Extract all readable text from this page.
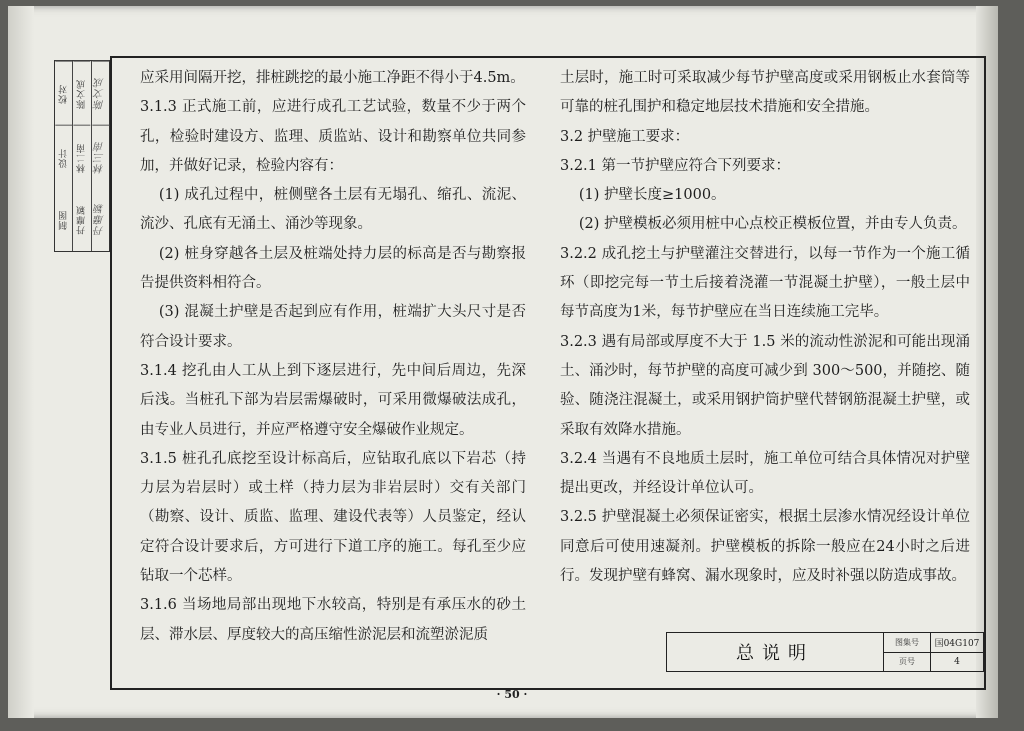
校对
设计
制图
陈文成
林二南
丹靡颖
陈文成
林三南
丹靡颖

应采用间隔开挖，排桩跳挖的最小施工净距不得小于4.5m。

3.1.3 正式施工前，应进行成孔工艺试验，数量不少于两个孔，检验时建设方、监理、质监站、设计和勘察单位共同参加，并做好记录，检验内容有：

(1) 成孔过程中，桩侧壁各土层有无塌孔、缩孔、流泥、流沙、孔底有无涌土、涌沙等现象。

(2) 桩身穿越各土层及桩端处持力层的标高是否与勘察报告提供资料相符合。

(3) 混凝土护壁是否起到应有作用，桩端扩大头尺寸是否符合设计要求。

3.1.4 挖孔由人工从上到下逐层进行，先中间后周边，先深后浅。当桩孔下部为岩层需爆破时，可采用微爆破法成孔，由专业人员进行，并应严格遵守安全爆破作业规定。

3.1.5 桩孔孔底挖至设计标高后，应钻取孔底以下岩芯（持力层为岩层时）或土样（持力层为非岩层时）交有关部门（勘察、设计、质监、监理、建设代表等）人员鉴定，经认定符合设计要求后，方可进行下道工序的施工。每孔至少应钻取一个芯样。

3.1.6 当场地局部出现地下水较高，特别是有承压水的砂土层、滞水层、厚度较大的高压缩性淤泥层和流塑淤泥质

土层时，施工时可采取减少每节护壁高度或采用钢板止水套筒等可靠的桩孔围护和稳定地层技术措施和安全措施。

3.2 护壁施工要求：

3.2.1 第一节护壁应符合下列要求：

(1) 护壁长度≥1000。

(2) 护壁模板必须用桩中心点校正模板位置，并由专人负责。

3.2.2 成孔挖土与护壁灌注交替进行，以每一节作为一个施工循环（即挖完每一节土后接着浇灌一节混凝土护壁），一般土层中每节高度为1米，每节护壁应在当日连续施工完毕。

3.2.3 遇有局部或厚度不大于 1.5 米的流动性淤泥和可能出现涌土、涌沙时，每节护壁的高度可减少到 300～500，并随挖、随验、随浇注混凝土，或采用钢护筒护壁代替钢筋混凝土护壁，或采取有效降水措施。

3.2.4 当遇有不良地质土层时，施工单位可结合具体情况对护壁提出更改，并经设计单位认可。

3.2.5 护壁混凝土必须保证密实，根据土层渗水情况经设计单位同意后可使用速凝剂。护壁模板的拆除一般应在24小时之后进行。发现护壁有蜂窝、漏水现象时，应及时补强以防造成事故。

总说明
图集号	国04G107
页号	4
· 50 ·
